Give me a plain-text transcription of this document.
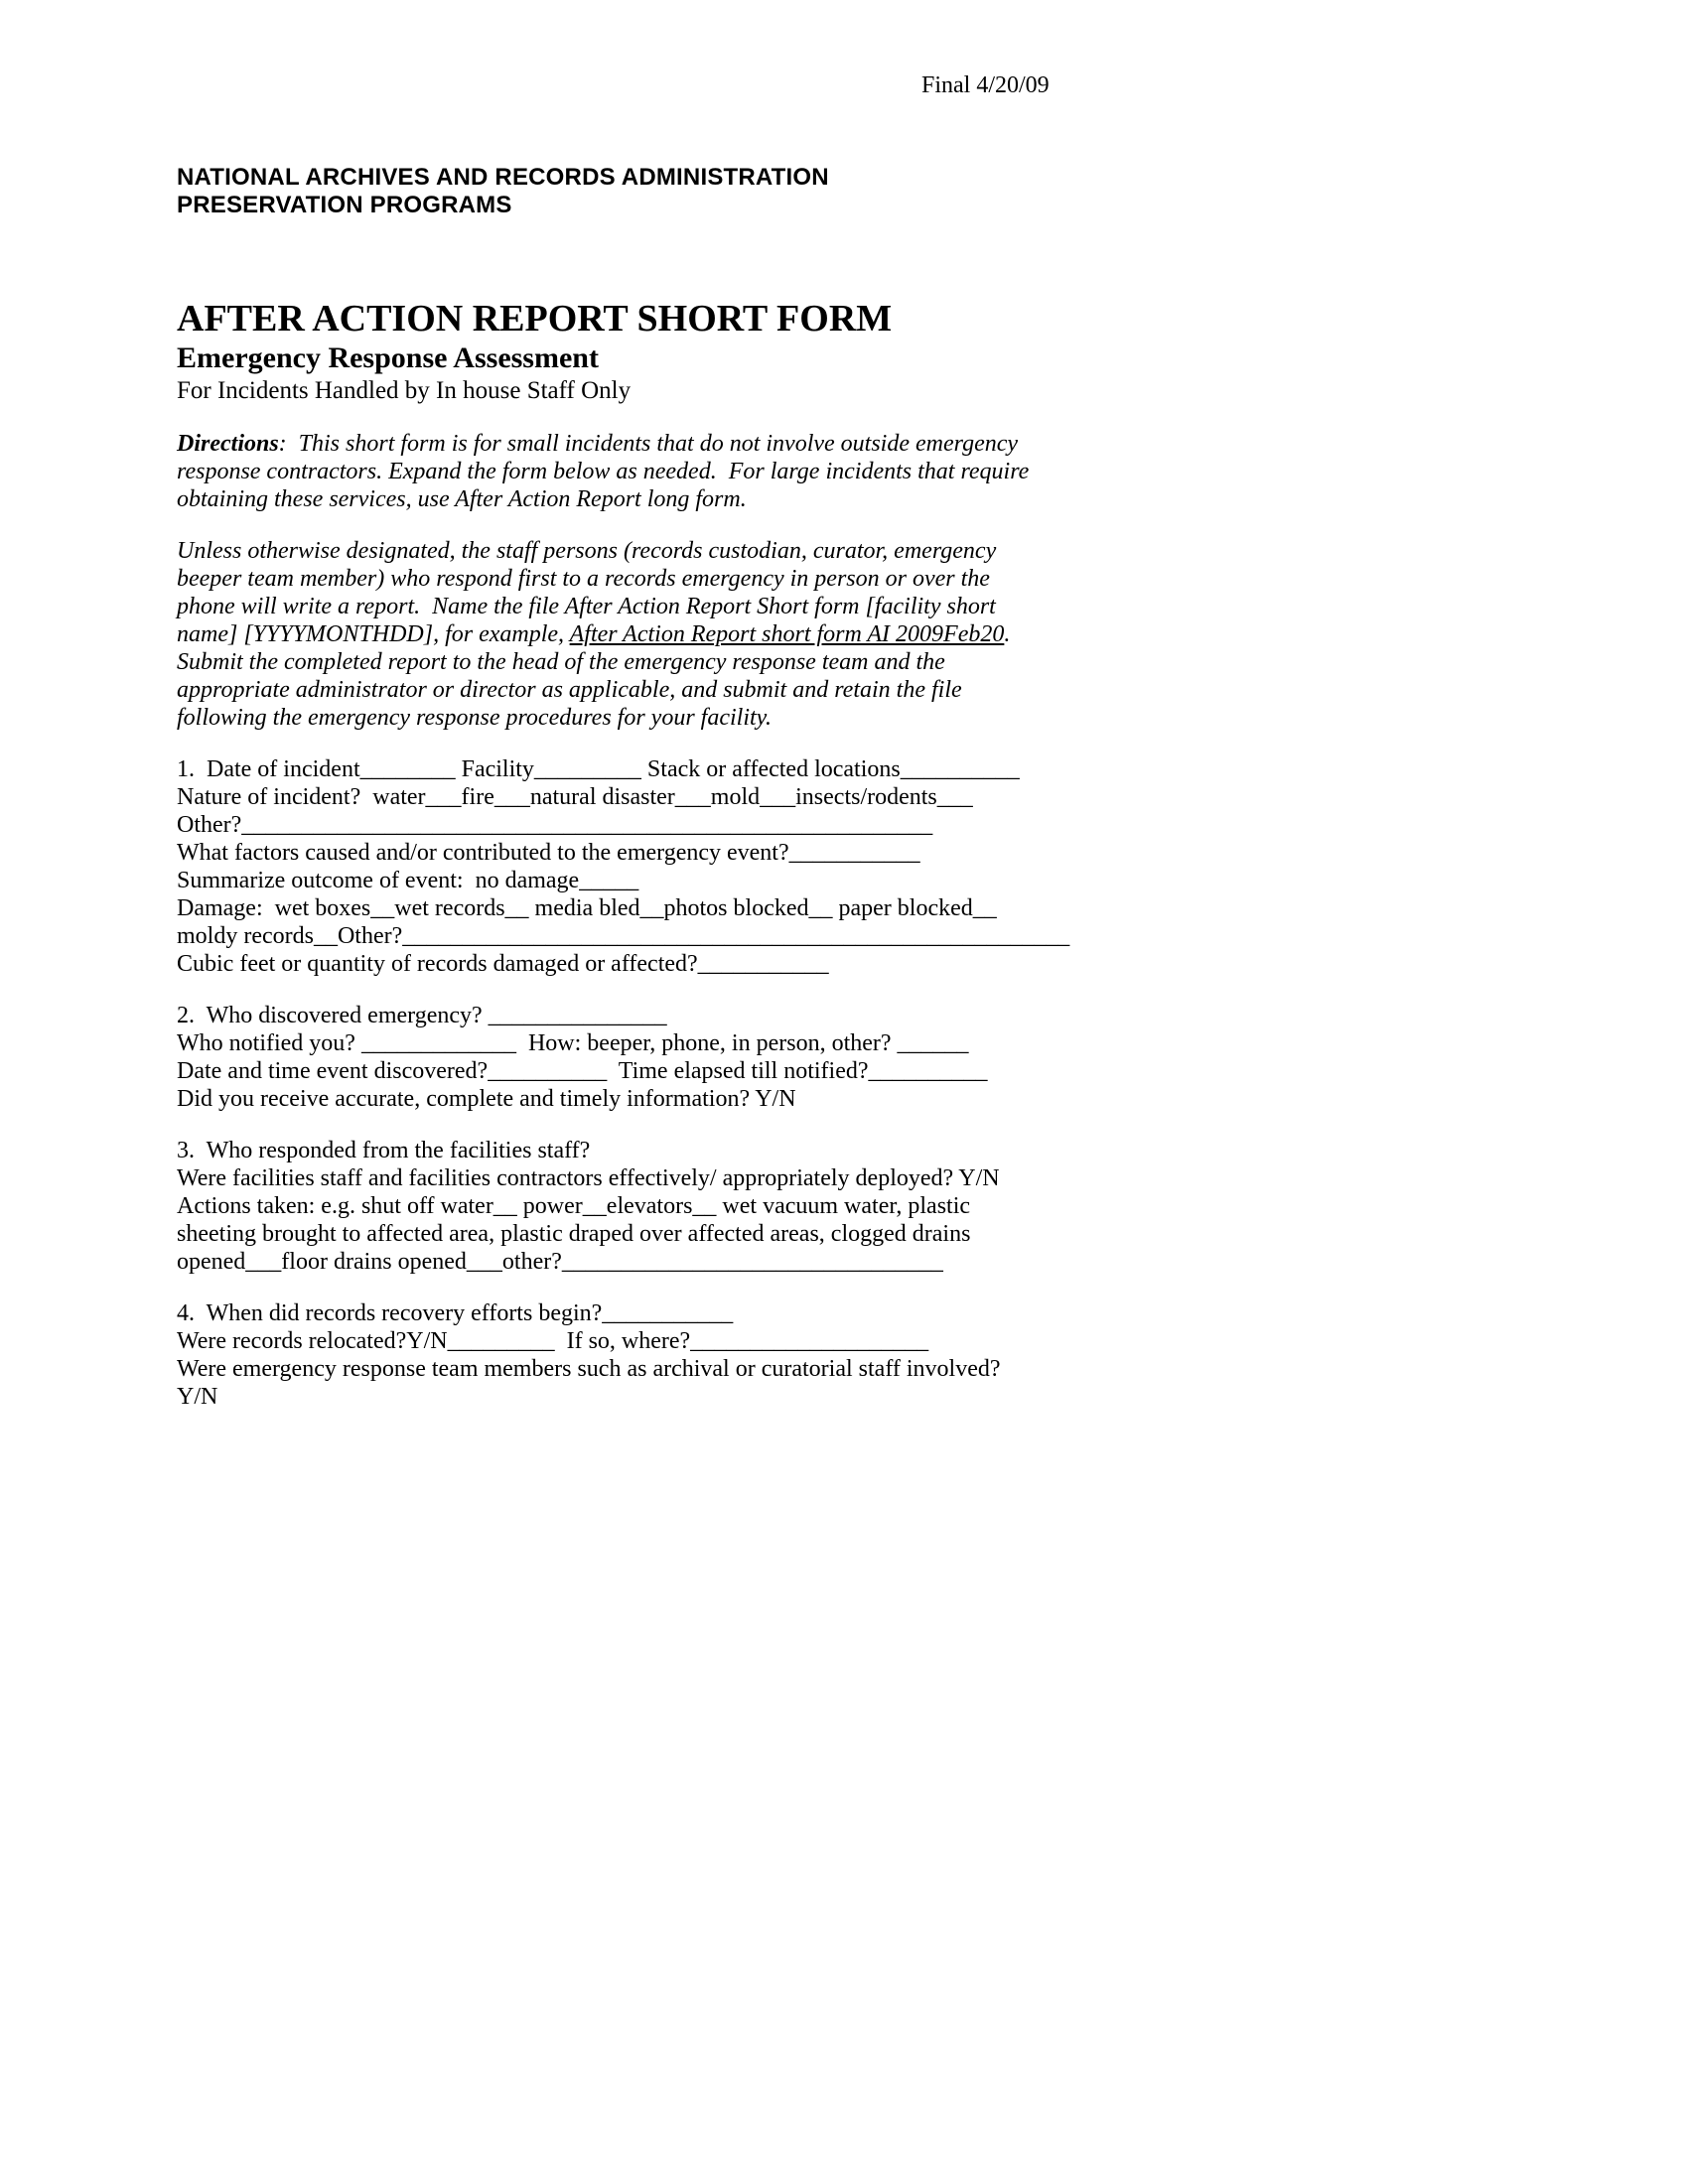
Final 4/20/09
NATIONAL ARCHIVES AND RECORDS ADMINISTRATION
PRESERVATION PROGRAMS
AFTER ACTION REPORT SHORT FORM
Emergency Response Assessment
For Incidents Handled by In house Staff Only
Directions:  This short form is for small incidents that do not involve outside emergency
response contractors. Expand the form below as needed.  For large incidents that require
obtaining these services, use After Action Report long form.
Unless otherwise designated, the staff persons (records custodian, curator, emergency
beeper team member) who respond first to a records emergency in person or over the
phone will write a report.  Name the file After Action Report Short form [facility short
name] [YYYYMONTHDD], for example, After Action Report short form AI 2009Feb20.
Submit the completed report to the head of the emergency response team and the
appropriate administrator or director as applicable, and submit and retain the file
following the emergency response procedures for your facility.
1.  Date of incident________ Facility_________ Stack or affected locations__________
Nature of incident?  water___fire___natural disaster___mold___insects/rodents___
Other?__________________________________________________________
What factors caused and/or contributed to the emergency event?___________
Summarize outcome of event:  no damage_____
Damage:  wet boxes__wet records__ media bled__photos blocked__ paper blocked__
moldy records__Other?________________________________________________________
Cubic feet or quantity of records damaged or affected?___________
2.  Who discovered emergency? _______________
Who notified you? _____________  How: beeper, phone, in person, other? ______
Date and time event discovered?__________  Time elapsed till notified?__________
Did you receive accurate, complete and timely information? Y/N
3.  Who responded from the facilities staff?
Were facilities staff and facilities contractors effectively/ appropriately deployed? Y/N
Actions taken: e.g. shut off water__ power__elevators__ wet vacuum water, plastic
sheeting brought to affected area, plastic draped over affected areas, clogged drains
opened___floor drains opened___other?________________________________
4.  When did records recovery efforts begin?___________
Were records relocated?Y/N_________  If so, where?____________________
Were emergency response team members such as archival or curatorial staff involved?
Y/N
